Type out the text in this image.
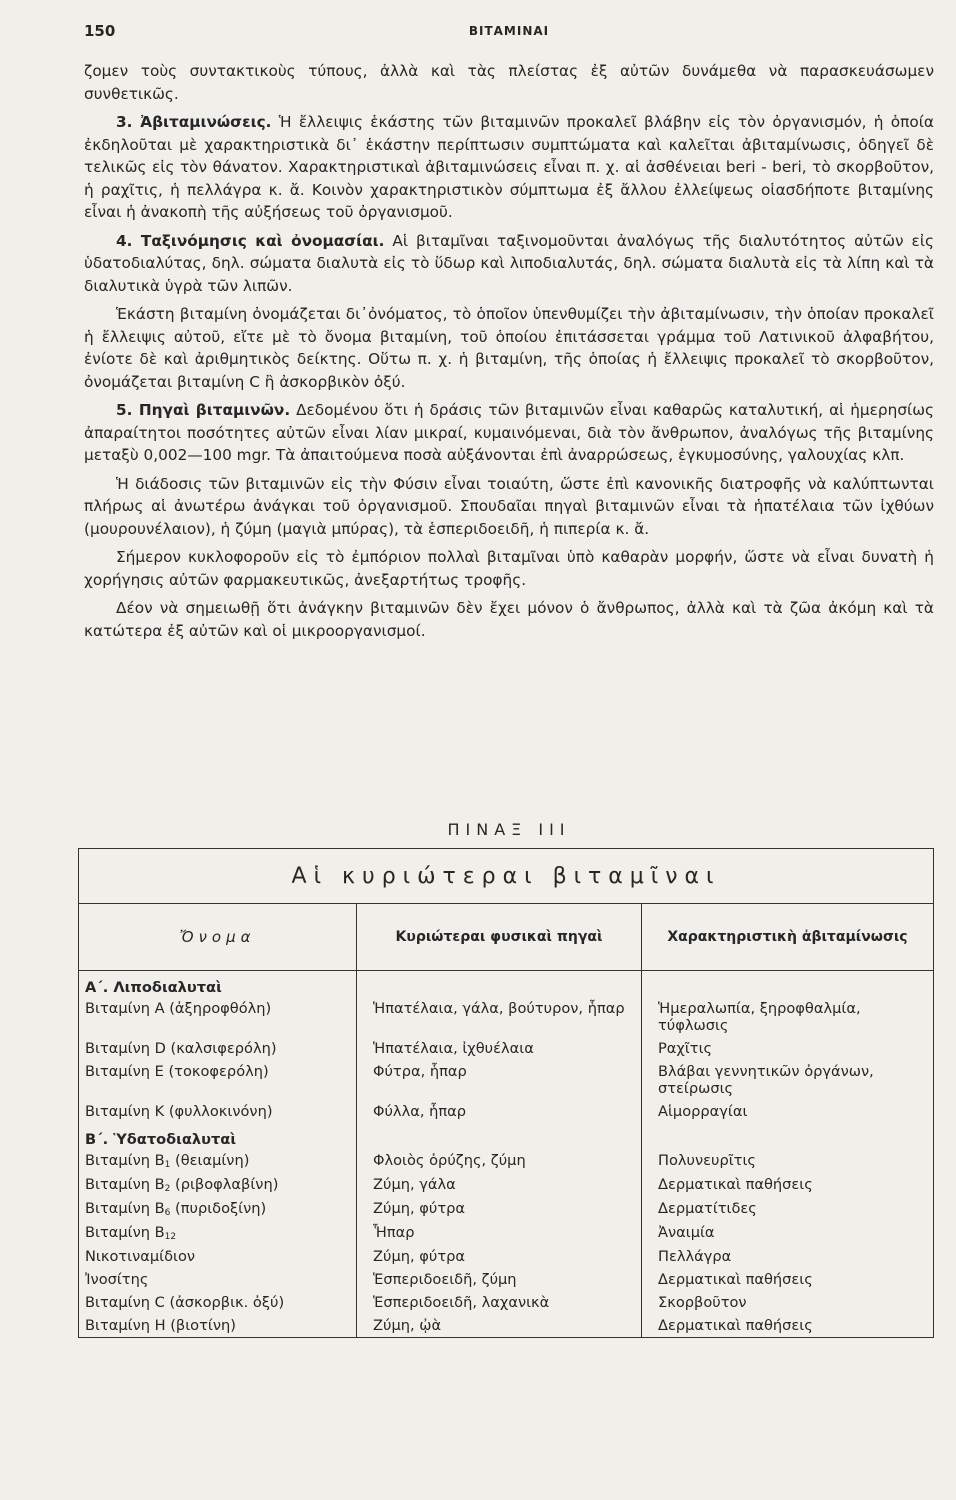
150	ΒΙΤΑΜΙΝΑΙ

ζομεν τοὺς συντακτικοὺς τύπους, ἀλλὰ καὶ τὰς πλείστας ἐξ αὐτῶν δυνάμεθα νὰ παρασκευάσωμεν συνθετικῶς.

3. Ἀβιταμινώσεις. Ἡ ἔλλειψις ἑκάστης τῶν βιταμινῶν προκαλεῖ βλάβην εἰς τὸν ὀργανισμόν, ἡ ὁποία ἐκδηλοῦται μὲ χαρακτηριστικὰ δι᾽ ἑκάστην περίπτωσιν συμπτώματα καὶ καλεῖται ἀβιταμίνωσις, ὁδηγεῖ δὲ τελικῶς εἰς τὸν θάνατον. Χαρακτηριστικαὶ ἀβιταμινώσεις εἶναι π. χ. αἱ ἀσθένειαι beri - beri, τὸ σκορβοῦτον, ἡ ραχῖτις, ἡ πελλάγρα κ. ἄ. Κοινὸν χαρακτηριστικὸν σύμπτωμα ἐξ ἄλλου ἐλλείψεως οἱασδήποτε βιταμίνης εἶναι ἡ ἀνακοπὴ τῆς αὐξήσεως τοῦ ὀργανισμοῦ.

4. Ταξινόμησις καὶ ὀνομασίαι. Αἱ βιταμῖναι ταξινομοῦνται ἀναλόγως τῆς διαλυτότητος αὐτῶν εἰς ὑδατοδιαλύτας, δηλ. σώματα διαλυτὰ εἰς τὸ ὕδωρ καὶ λιποδιαλυτάς, δηλ. σώματα διαλυτὰ εἰς τὰ λίπη καὶ τὰ διαλυτικὰ ὑγρὰ τῶν λιπῶν.

Ἑκάστη βιταμίνη ὀνομάζεται δι᾽ὀνόματος, τὸ ὁποῖον ὑπενθυμίζει τὴν ἀβιταμίνωσιν, τὴν ὁποίαν προκαλεῖ ἡ ἔλλειψις αὐτοῦ, εἴτε μὲ τὸ ὄνομα βιταμίνη, τοῦ ὁποίου ἐπιτάσσεται γράμμα τοῦ Λατινικοῦ ἀλφαβήτου, ἐνίοτε δὲ καὶ ἀριθμητικὸς δείκτης. Οὕτω π. χ. ἡ βιταμίνη, τῆς ὁποίας ἡ ἔλλειψις προκαλεῖ τὸ σκορβοῦτον, ὀνομάζεται βιταμίνη C ἢ ἀσκορβικὸν ὀξύ.

5. Πηγαὶ βιταμινῶν. Δεδομένου ὅτι ἡ δράσις τῶν βιταμινῶν εἶναι καθαρῶς καταλυτική, αἱ ἡμερησίως ἀπαραίτητοι ποσότητες αὐτῶν εἶναι λίαν μικραί, κυμαινόμεναι, διὰ τὸν ἄνθρωπον, ἀναλόγως τῆς βιταμίνης μεταξὺ 0,002—100 mgr. Τὰ ἀπαιτούμενα ποσὰ αὐξάνονται ἐπὶ ἀναρρώσεως, ἐγκυμοσύνης, γαλουχίας κλπ.

Ἡ διάδοσις τῶν βιταμινῶν εἰς τὴν Φύσιν εἶναι τοιαύτη, ὥστε ἐπὶ κανονικῆς διατροφῆς νὰ καλύπτωνται πλήρως αἱ ἀνωτέρω ἀνάγκαι τοῦ ὀργανισμοῦ. Σπουδαῖαι πηγαὶ βιταμινῶν εἶναι τὰ ἡπατέλαια τῶν ἰχθύων (μουρουνέλαιον), ἡ ζύμη (μαγιὰ μπύρας), τὰ ἑσπεριδοειδῆ, ἡ πιπερία κ. ἄ.

Σήμερον κυκλοφοροῦν εἰς τὸ ἐμπόριον πολλαὶ βιταμῖναι ὑπὸ καθαρὰν μορφήν, ὥστε νὰ εἶναι δυνατὴ ἡ χορήγησις αὐτῶν φαρμακευτικῶς, ἀνεξαρτήτως τροφῆς.

Δέον νὰ σημειωθῇ ὅτι ἀνάγκην βιταμινῶν δὲν ἔχει μόνον ὁ ἄνθρωπος, ἀλλὰ καὶ τὰ ζῶα ἀκόμη καὶ τὰ κατώτερα ἐξ αὐτῶν καὶ οἱ μικροοργανισμοί.

ΠΙΝΑΞ III
Αἱ κυριώτεραι βιταμῖναι		
Ὄνομα	Κυριώτεραι φυσικαὶ πηγαὶ	Χαρακτηριστικὴ ἀβιταμίνωσις
Α΄. Λιποδιαλυταὶ		
Βιταμίνη A (ἀξηροφθόλη)	Ἡπατέλαια, γάλα, βούτυρον, ἧπαρ	Ἡμεραλωπία, ξηροφθαλμία, τύφλωσις
Βιταμίνη D (καλσιφερόλη)	Ἡπατέλαια, ἰχθυέλαια	Ραχῖτις
Βιταμίνη E (τοκοφερόλη)	Φύτρα, ἧπαρ	Βλάβαι γεννητικῶν ὀργάνων, στείρωσις
Βιταμίνη K (φυλλοκινόνη)	Φύλλα, ἧπαρ	Αἱμορραγίαι
Β΄. Ὑδατοδιαλυταὶ		
Βιταμίνη $B_1$ (θειαμίνη)	Φλοιὸς ὀρύζης, ζύμη	Πολυνευρῖτις
Βιταμίνη $B_2$ (ριβοφλαβίνη)	Ζύμη, γάλα	Δερματικαὶ παθήσεις
Βιταμίνη $B_6$ (πυριδοξίνη)	Ζύμη, φύτρα	Δερματίτιδες
Βιταμίνη $B_{12}$	Ἧπαρ	Ἀναιμία
Νικοτιναμίδιον	Ζύμη, φύτρα	Πελλάγρα
Ἰνοσίτης	Ἑσπεριδοειδῆ, ζύμη	Δερματικαὶ παθήσεις
Βιταμίνη C (ἀσκορβικ. ὀξύ)	Ἑσπεριδοειδῆ, λαχανικὰ	Σκορβοῦτον
Βιταμίνη H (βιοτίνη)	Ζύμη, ᾠὰ	Δερματικαὶ παθήσεις
